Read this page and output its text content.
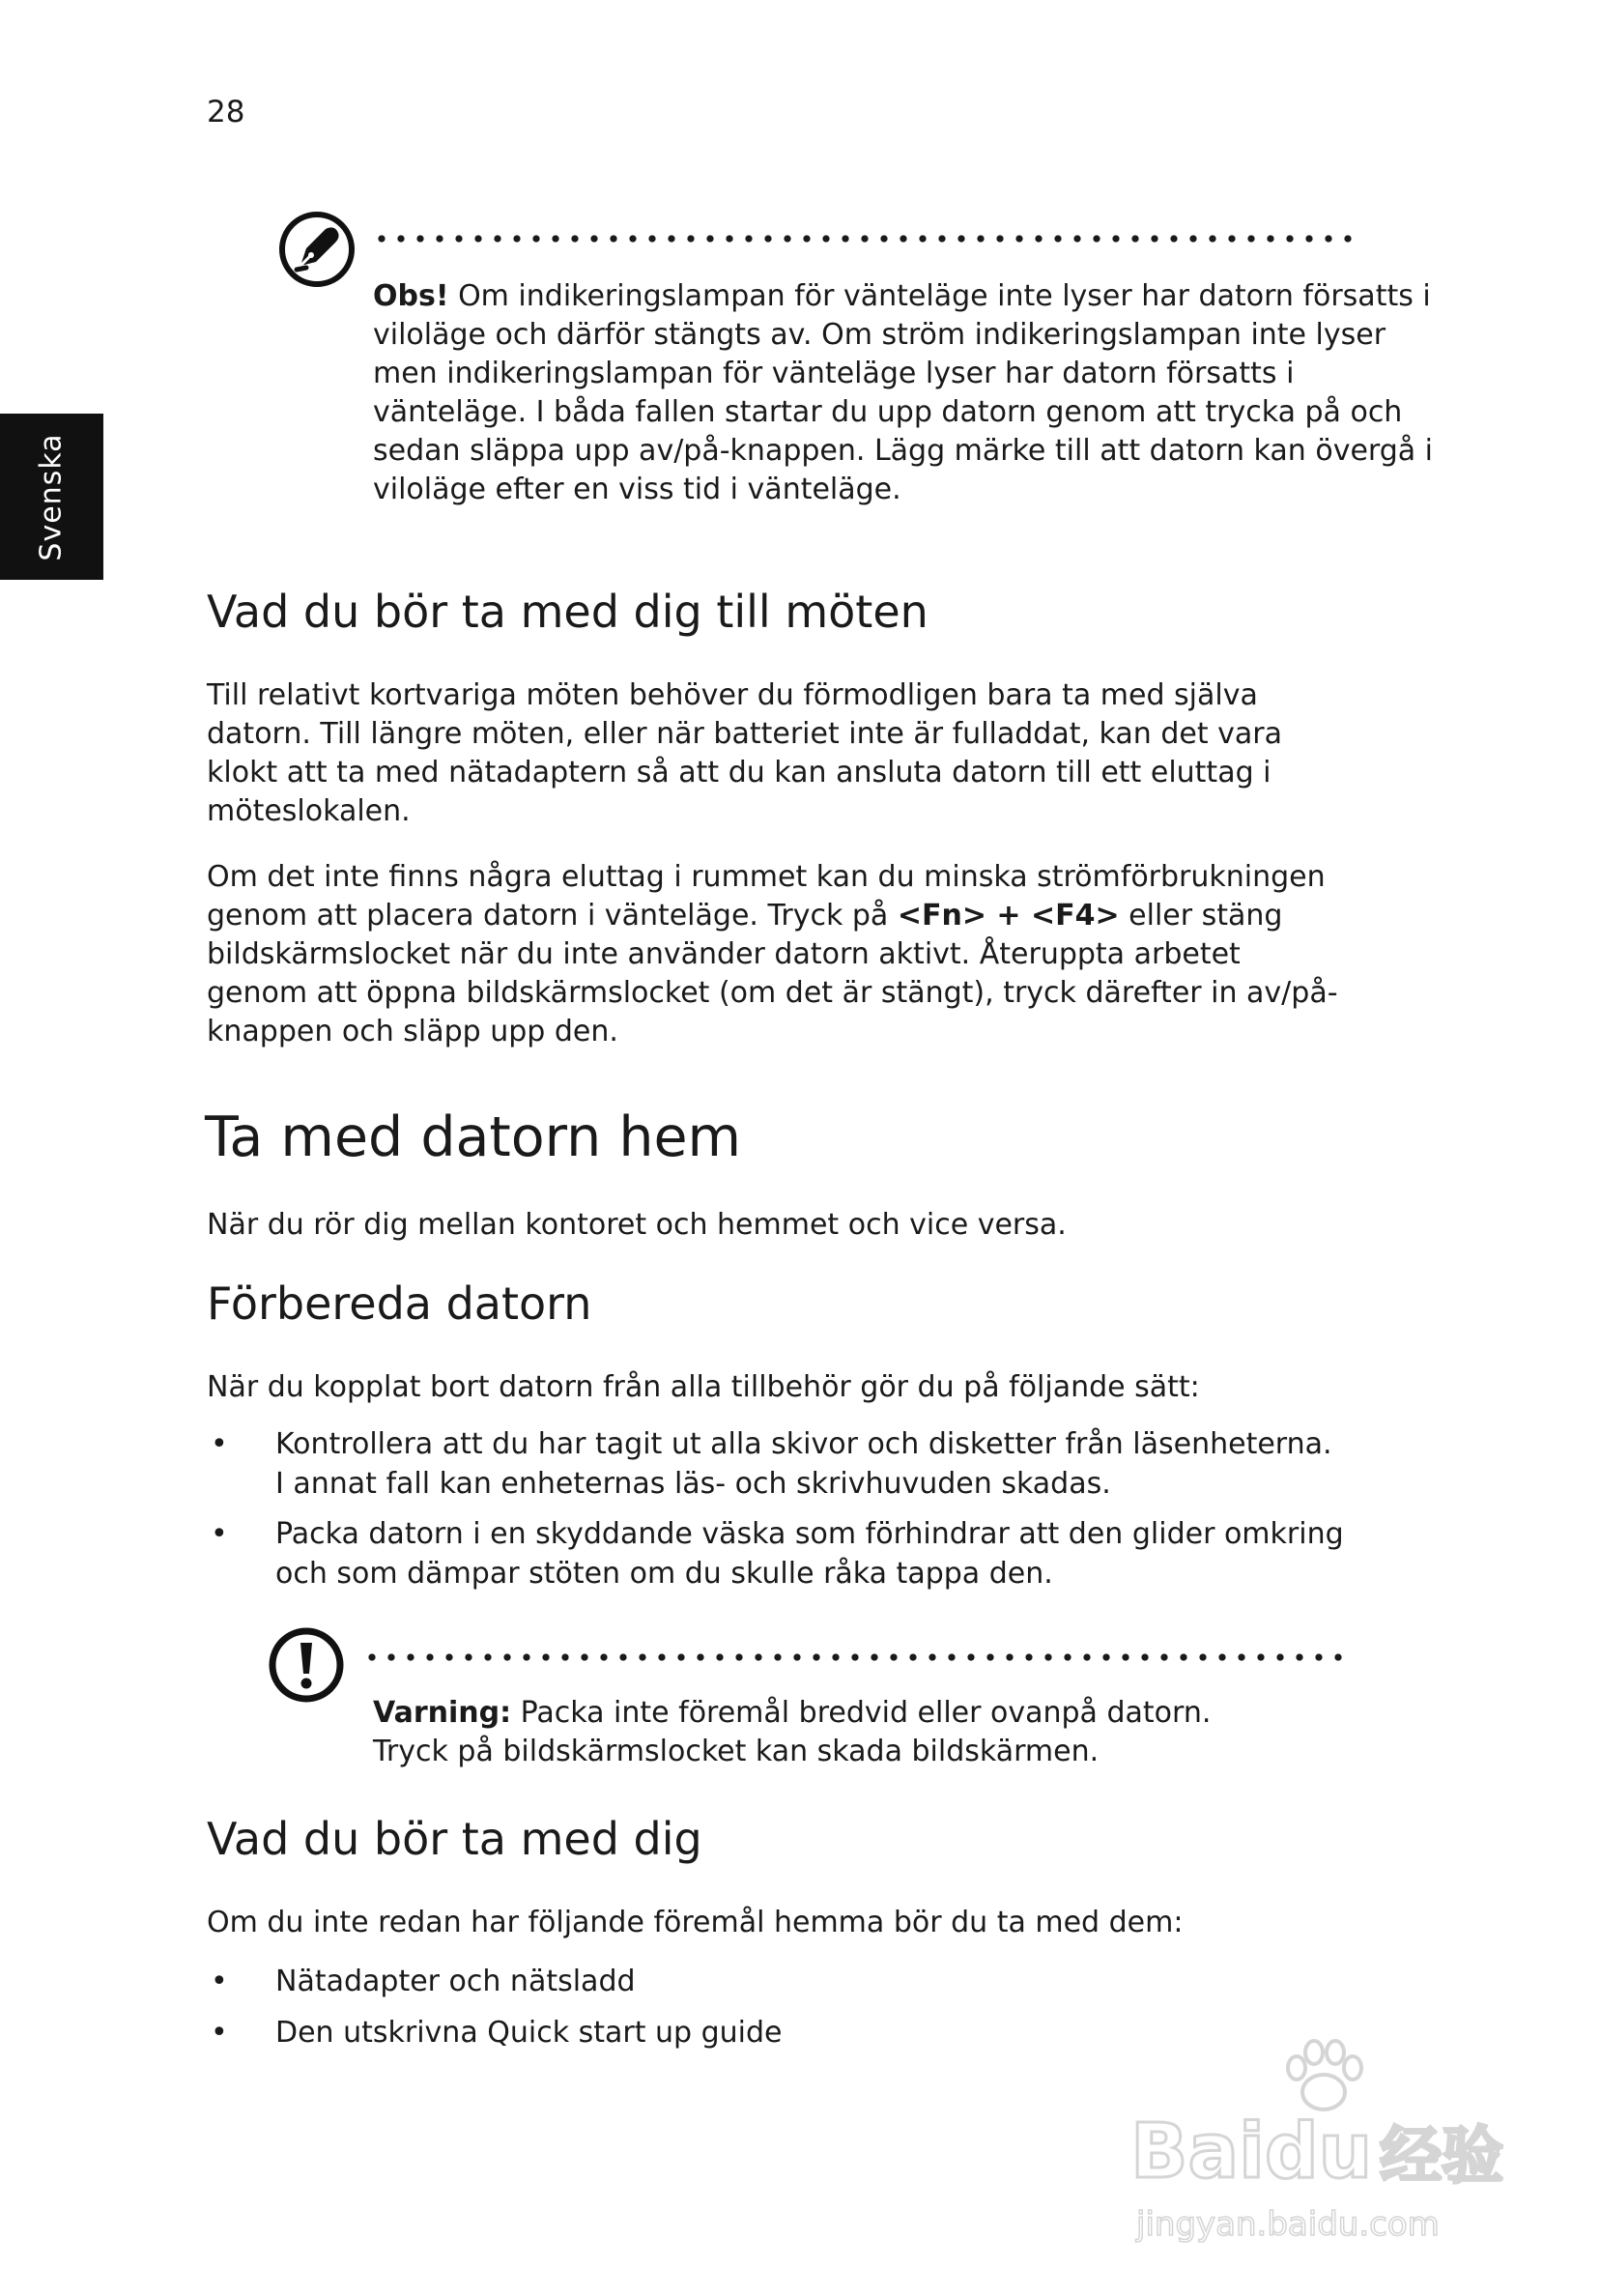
28
Svenska
Obs! Om indikeringslampan för vänteläge inte lyser har datorn försatts i viloläge och därför stängts av. Om ström indikeringslampan inte lyser men indikeringslampan för vänteläge lyser har datorn försatts i vänteläge. I båda fallen startar du upp datorn genom att trycka på och sedan släppa upp av/på-knappen. Lägg märke till att datorn kan övergå i viloläge efter en viss tid i vänteläge.
Vad du bör ta med dig till möten

Till relativt kortvariga möten behöver du förmodligen bara ta med själva datorn. Till längre möten, eller när batteriet inte är fulladdat, kan det vara klokt att ta med nätadaptern så att du kan ansluta datorn till ett eluttag i möteslokalen.

Om det inte finns några eluttag i rummet kan du minska strömförbrukningen genom att placera datorn i vänteläge. Tryck på <Fn> + <F4> eller stäng bildskärmslocket när du inte använder datorn aktivt. Återuppta arbetet genom att öppna bildskärmslocket (om det är stängt), tryck därefter in av/på-knappen och släpp upp den.

Ta med datorn hem

När du rör dig mellan kontoret och hemmet och vice versa.

Förbereda datorn

När du kopplat bort datorn från alla tillbehör gör du på följande sätt:

•	Kontrollera att du har tagit ut alla skivor och disketter från läsenheterna. I annat fall kan enheternas läs- och skrivhuvuden skadas.
•	Packa datorn i en skyddande väska som förhindrar att den glider omkring och som dämpar stöten om du skulle råka tappa den.
Varning: Packa inte föremål bredvid eller ovanpå datorn. Tryck på bildskärmslocket kan skada bildskärmen.
Vad du bör ta med dig

Om du inte redan har följande föremål hemma bör du ta med dem:

•	Nätadapter och nätsladd
•	Den utskrivna Quick start up guide
Baidu 经验
jingyan.baidu.com
